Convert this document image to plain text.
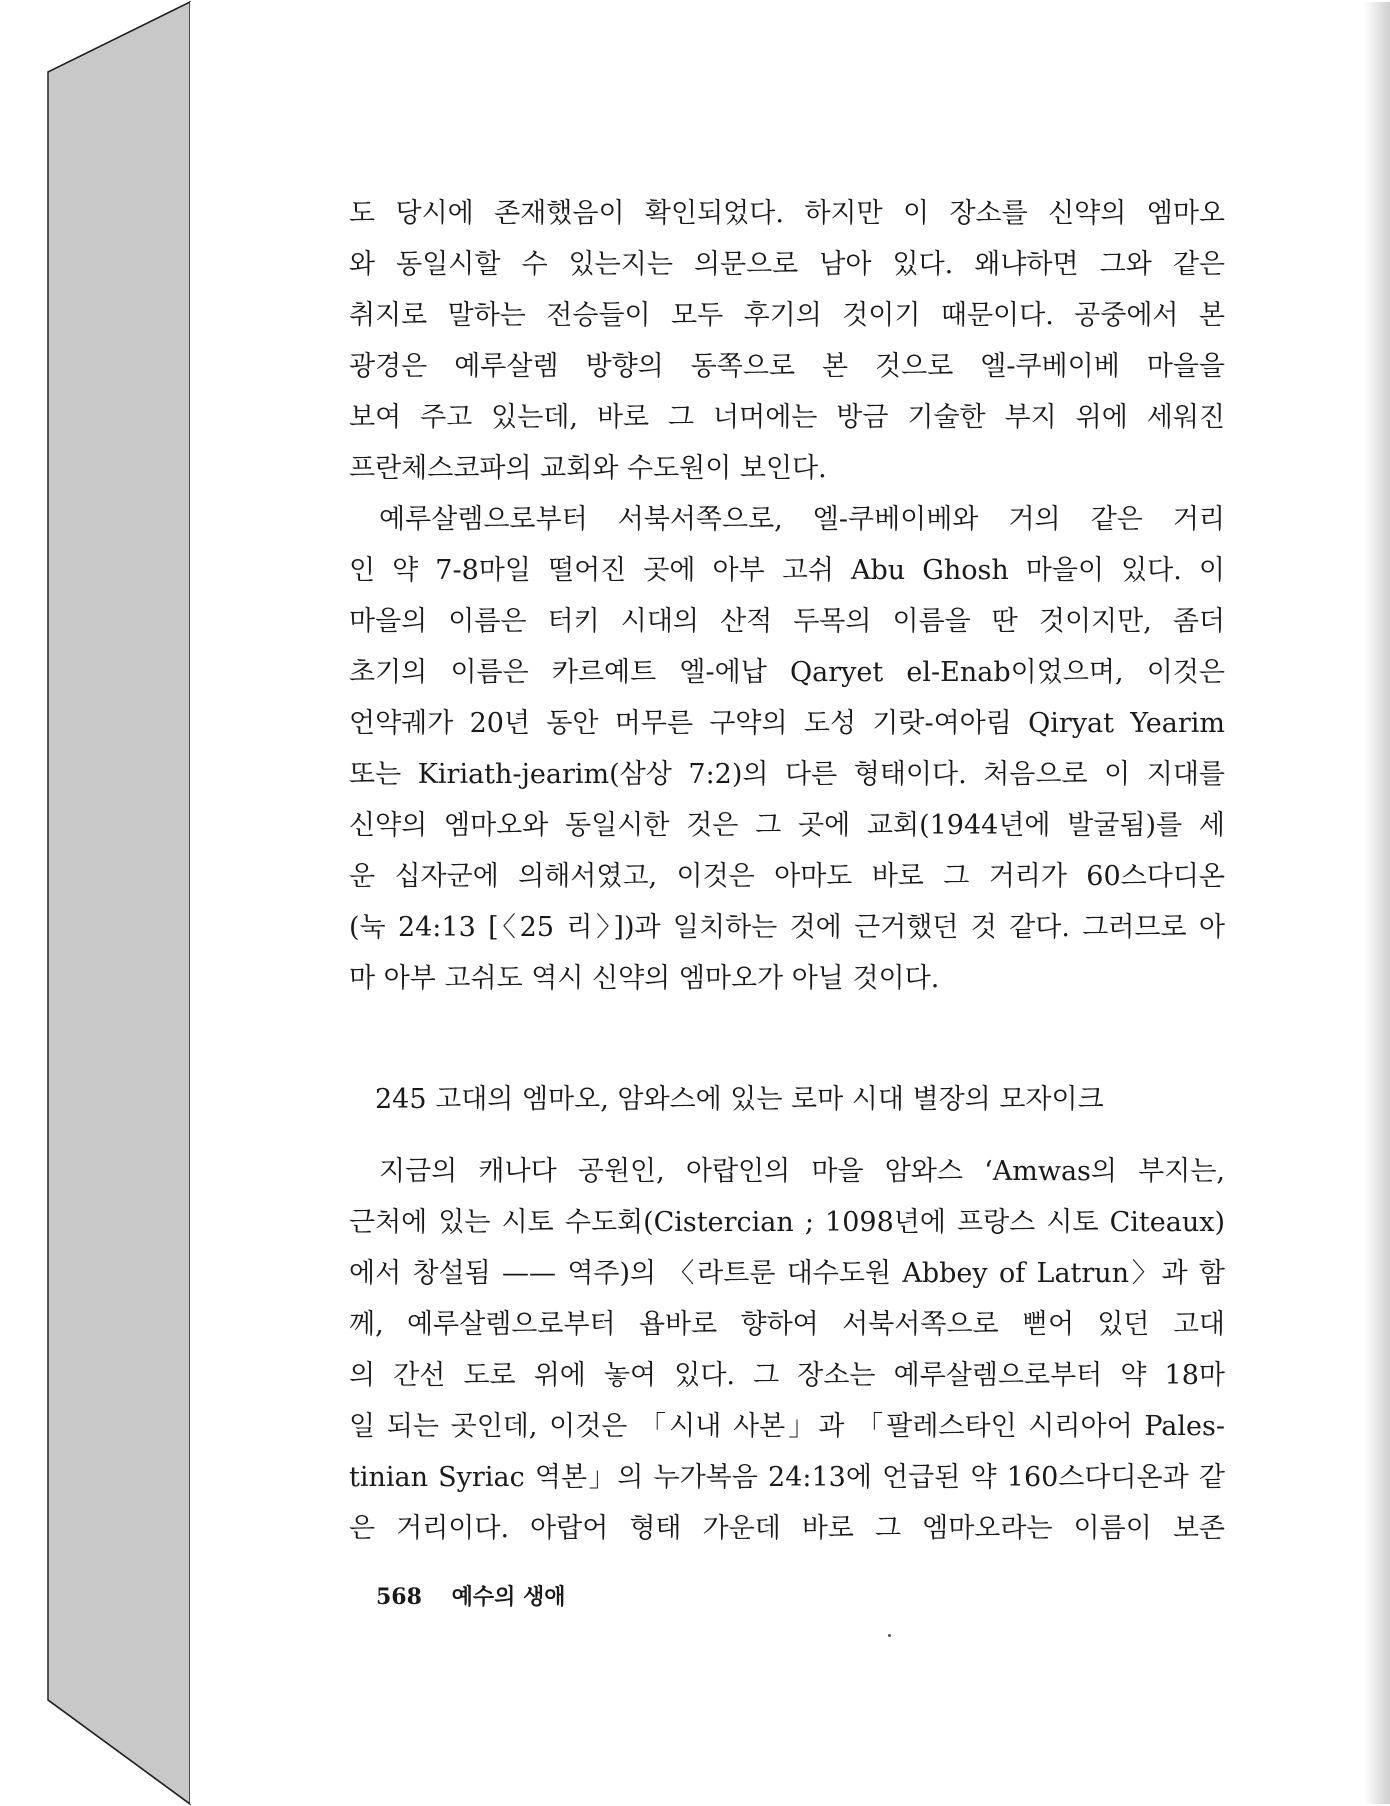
도 당시에 존재했음이 확인되었다. 하지만 이 장소를 신약의 엠마오
와 동일시할 수 있는지는 의문으로 남아 있다. 왜냐하면 그와 같은
취지로 말하는 전승들이 모두 후기의 것이기 때문이다. 공중에서 본
광경은 예루살렘 방향의 동쪽으로 본 것으로 엘-쿠베이베 마을을
보여 주고 있는데, 바로 그 너머에는 방금 기술한 부지 위에 세워진
프란체스코파의 교회와 수도원이 보인다.
예루살렘으로부터 서북서쪽으로, 엘-쿠베이베와 거의 같은 거리
인 약 7-8마일 떨어진 곳에 아부 고쉬 Abu Ghosh 마을이 있다. 이
마을의 이름은 터키 시대의 산적 두목의 이름을 딴 것이지만, 좀더
초기의 이름은 카르예트 엘-에납 Qaryet el-Enab이었으며, 이것은
언약궤가 20년 동안 머무른 구약의 도성 기랏-여아림 Qiryat Yearim
또는 Kiriath-jearim(삼상 7:2)의 다른 형태이다. 처음으로 이 지대를
신약의 엠마오와 동일시한 것은 그 곳에 교회(1944년에 발굴됨)를 세
운 십자군에 의해서였고, 이것은 아마도 바로 그 거리가 60스다디온
(눅 24:13 [〈25 리〉])과 일치하는 것에 근거했던 것 같다. 그러므로 아
마 아부 고쉬도 역시 신약의 엠마오가 아닐 것이다.
245 고대의 엠마오, 암와스에 있는 로마 시대 별장의 모자이크
지금의 캐나다 공원인, 아랍인의 마을 암와스 ‘Amwas의 부지는,
근처에 있는 시토 수도회(Cistercian ; 1098년에 프랑스 시토 Citeaux)
에서 창설됨 —— 역주)의 〈라트룬 대수도원 Abbey of Latrun〉과 함
께, 예루살렘으로부터 욥바로 향하여 서북서쪽으로 뻗어 있던 고대
의 간선 도로 위에 놓여 있다. 그 장소는 예루살렘으로부터 약 18마
일 되는 곳인데, 이것은 「시내 사본」과 「팔레스타인 시리아어 Pales-
tinian Syriac 역본」의 누가복음 24:13에 언급된 약 160스다디온과 같
은 거리이다. 아랍어 형태 가운데 바로 그 엠마오라는 이름이 보존
568 예수의 생애
